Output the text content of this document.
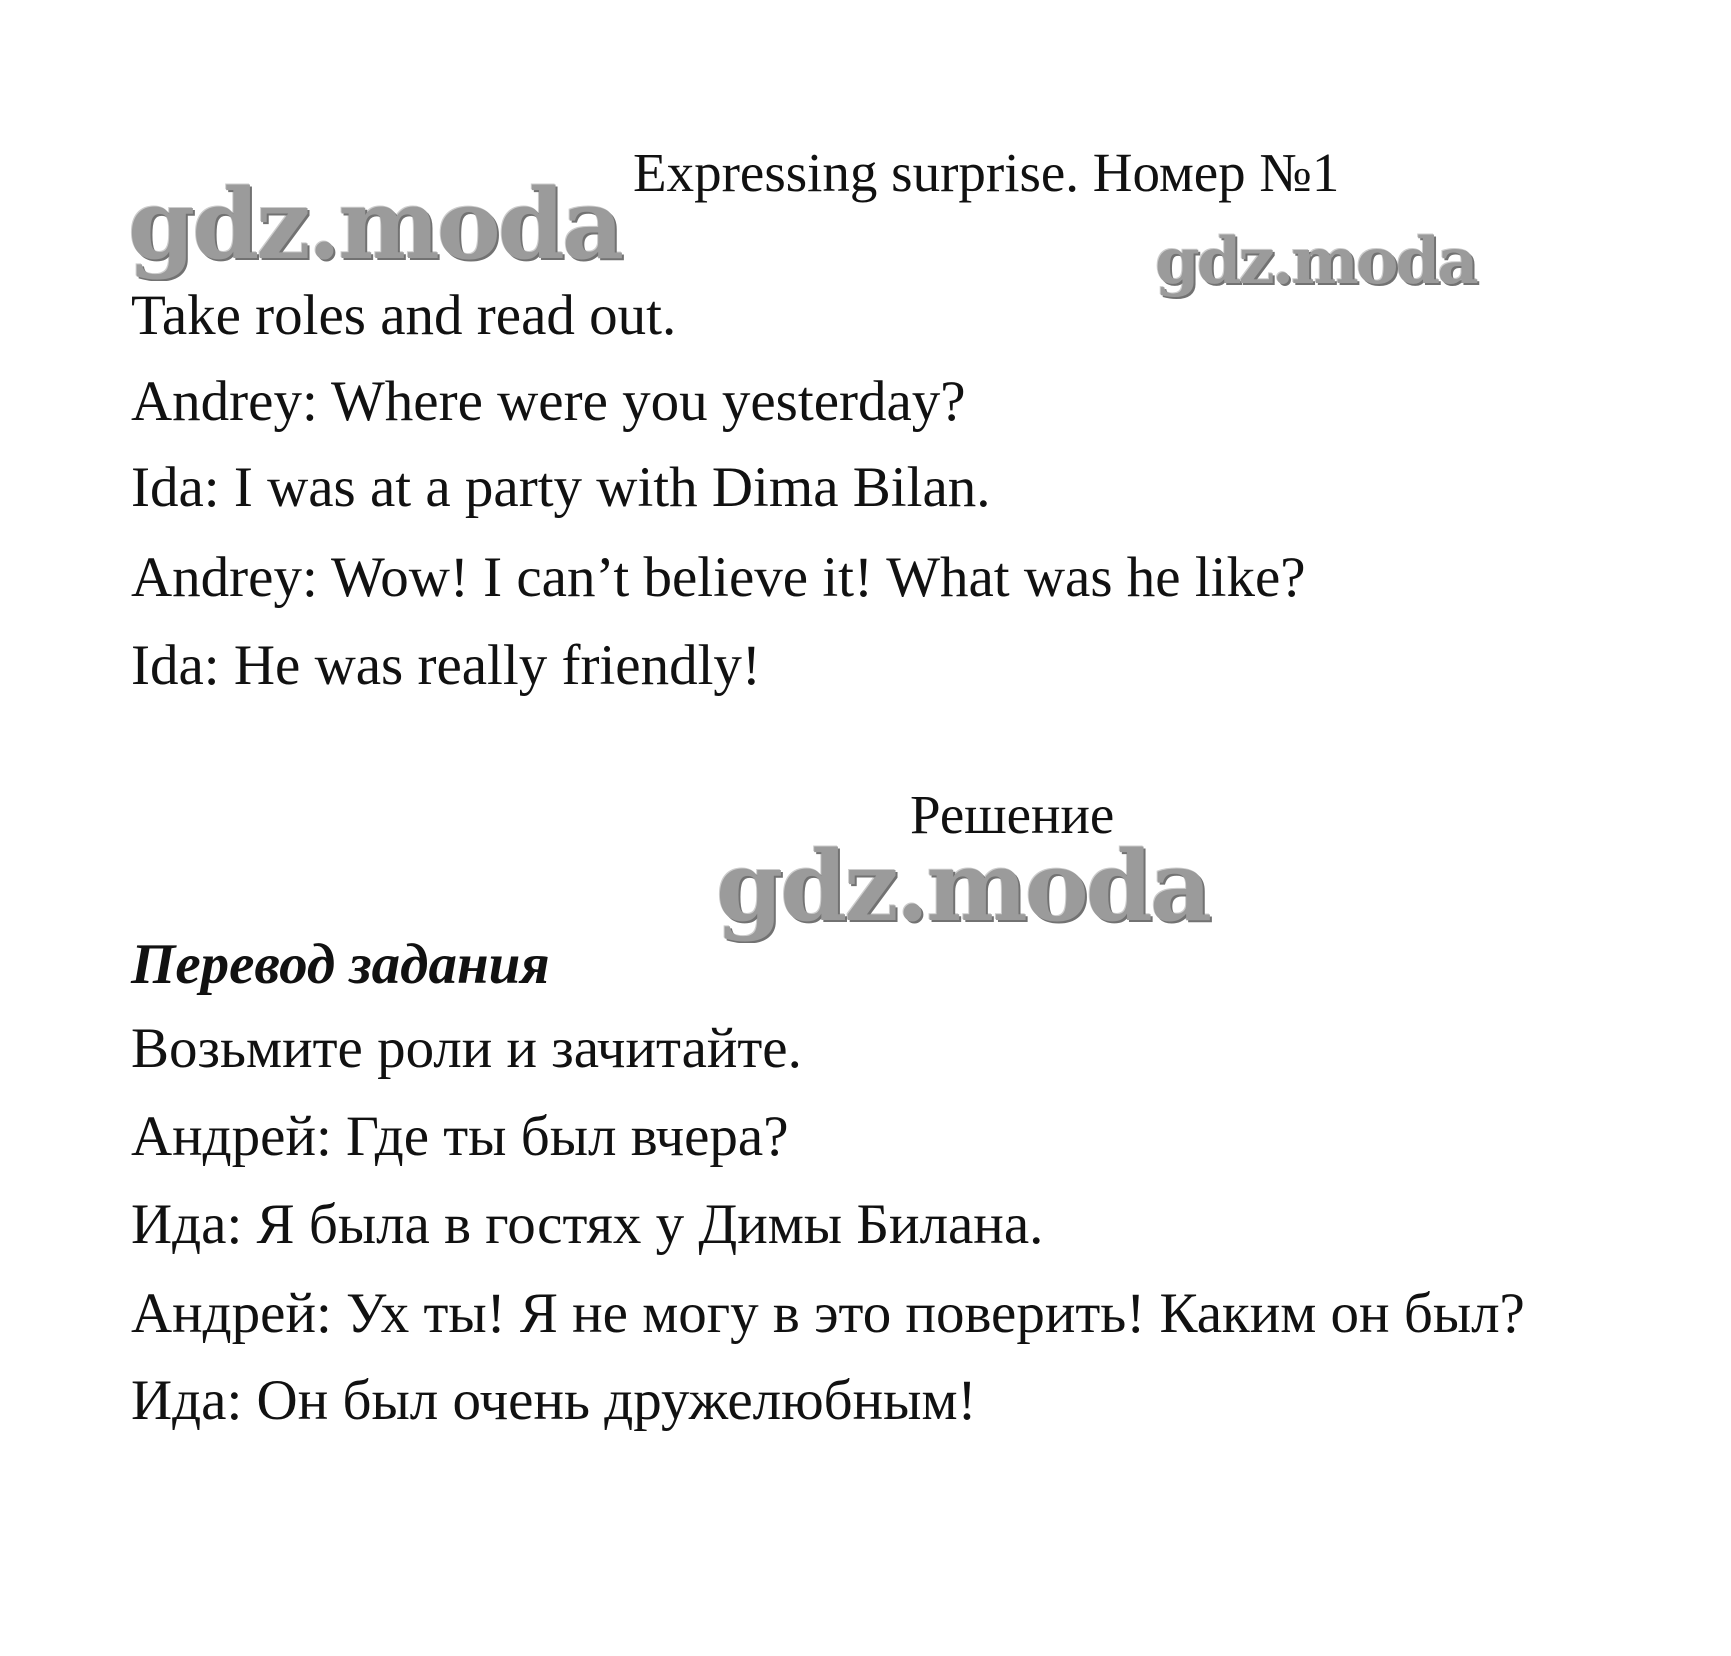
Expressing surprise. Номер №1
gdz.moda	gdz.moda
Take roles and read out.
Andrey: Where were you yesterday?
Ida: I was at a party with Dima Bilan.
Andrey: Wow! I can’t believe it! What was he like?
Ida: He was really friendly!
Решение
gdz.moda
Перевод задания
Возьмите роли и зачитайте.
Андрей: Где ты был вчера?
Ида: Я была в гостях у Димы Билана.
Андрей: Ух ты! Я не могу в это поверить! Каким он был?
Ида: Он был очень дружелюбным!
